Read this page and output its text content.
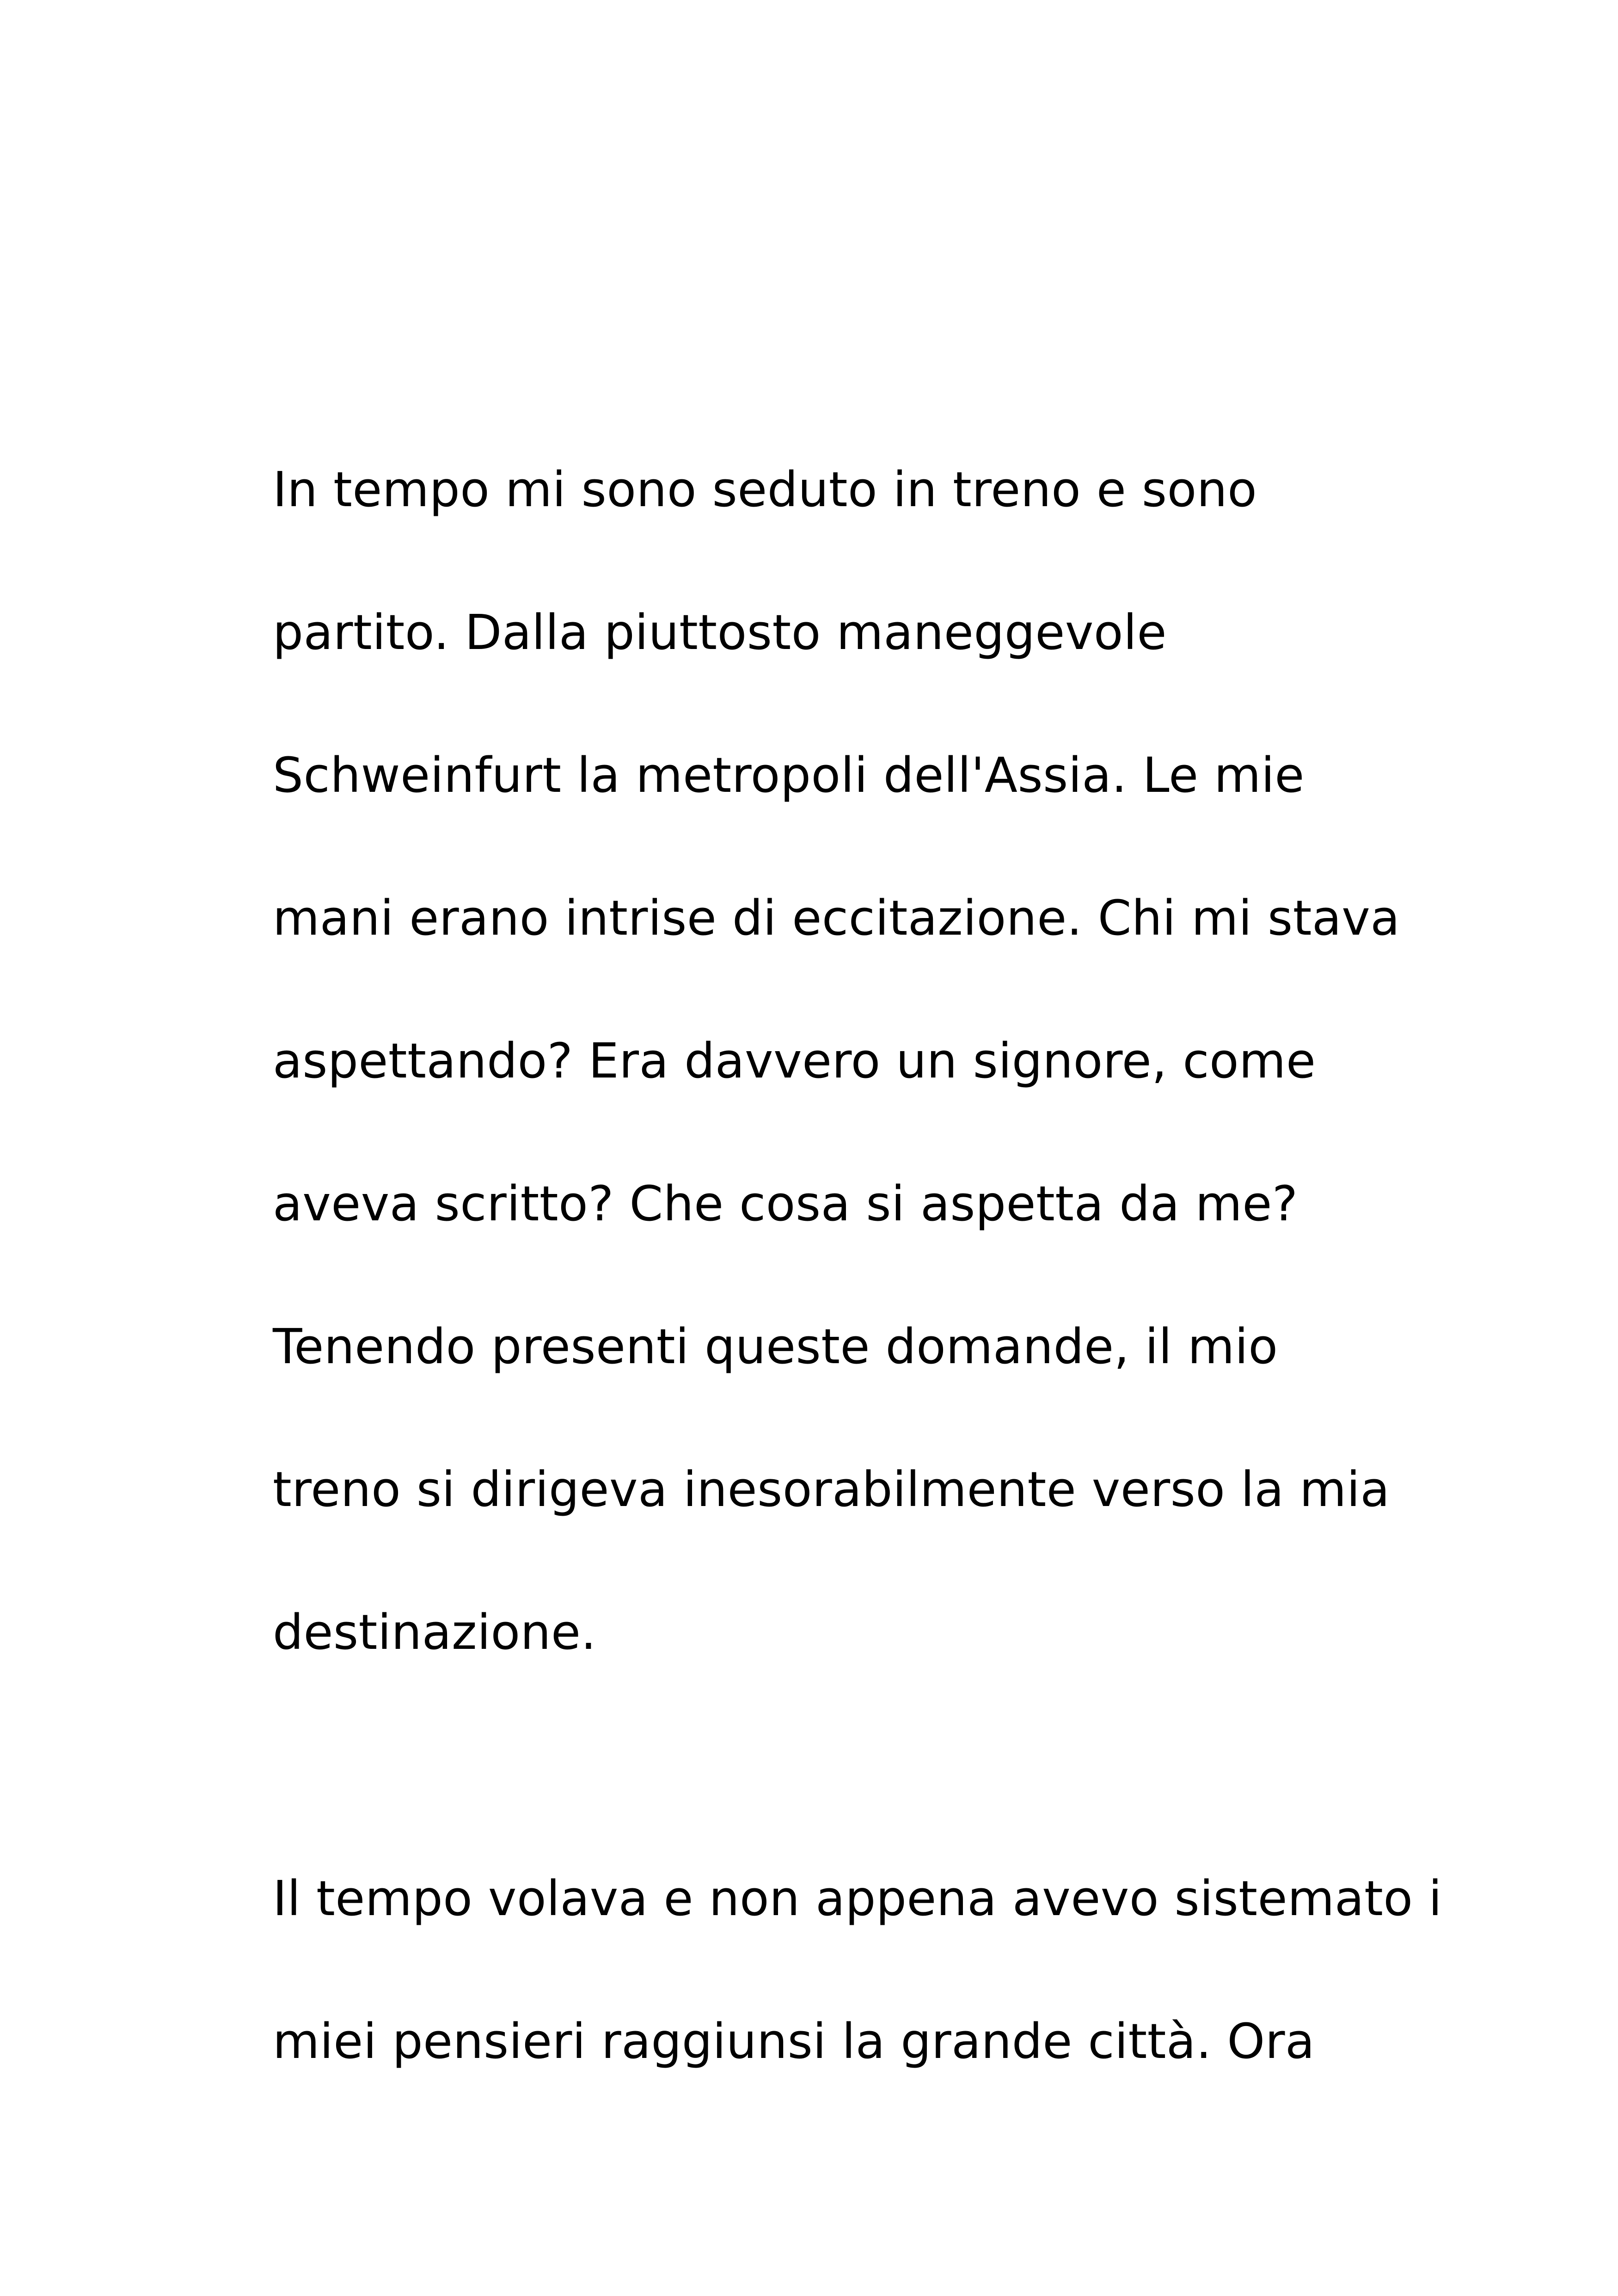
In tempo mi sono seduto in treno e sono
partito. Dalla piuttosto maneggevole
Schweinfurt la metropoli dell'Assia. Le mie
mani erano intrise di eccitazione. Chi mi stava
aspettando? Era davvero un signore, come
aveva scritto? Che cosa si aspetta da me?
Tenendo presenti queste domande, il mio
treno si dirigeva inesorabilmente verso la mia
destinazione.
Il tempo volava e non appena avevo sistemato i
miei pensieri raggiunsi la grande città. Ora
